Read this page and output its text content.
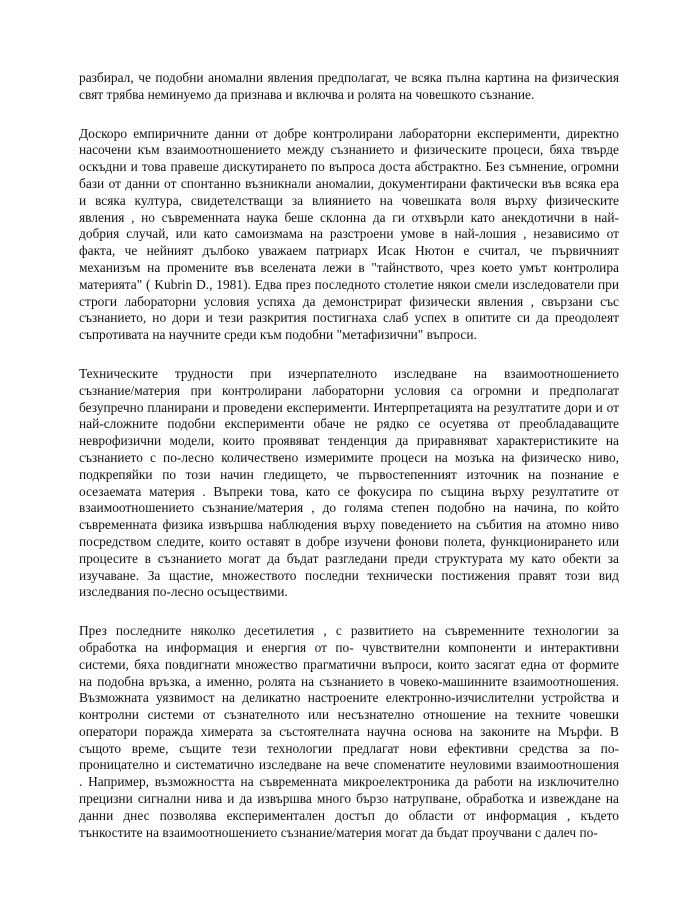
разбирал, че подобни аномални явления предполагат, че всяка пълна картина на физическия
свят трябва неминуемо да признава и включва и ролята на човешкото съзнание.
Доскоро емпиричните данни от добре контролирани лабораторни експерименти, директно
насочени към взаимоотношението между съзнанието и физическите процеси, бяха твърде
оскъдни и това правеше дискутирането по въпроса доста абстрактно. Без съмнение, огромни
бази от данни от спонтанно възникнали аномалии, документирани фактически във всяка ера
и всяка култура, свидетелстващи за влиянието на човешката воля върху физическите
явления , но съвременната наука беше склонна да ги отхвърли като анекдотични в най-
добрия случай, или като самоизмама на разстроени умове в най-лошия , независимо от
факта, че нейният дълбоко уважаем патриарх Исак Нютон е считал, че първичният
механизъм на промените във вселената лежи в "тайнството, чрез което умът контролира
материята" ( Kubrin D., 1981). Едва през последното столетие някои смели изследователи при
строги лабораторни условия успяха да демонстрират физически явления , свързани със
съзнанието, но дори и тези разкрития постигнаха слаб успех в опитите си да преодолеят
съпротивата на научните среди към подобни "метафизични" въпроси.
Техническите трудности при изчерпателното изследване на взаимоотношението
съзнание/материя при контролирани лабораторни условия са огромни и предполагат
безупречно планирани и проведени експерименти. Интерпретацията на резултатите дори и от
най-сложните подобни експерименти обаче не рядко се осуетява от преобладаващите
неврофизични модели, които проявяват тенденция да приравняват характеристиките на
съзнанието с по-лесно количествено измеримите процеси на мозъка на физическо ниво,
подкрепяйки по този начин гледището, че първостепенният източник на познание е
осезаемата материя . Въпреки това, като се фокусира по същина върху резултатите от
взаимоотношението съзнание/материя , до голяма степен подобно на начина, по който
съвременната физика извършва наблюдения върху поведението на събития на атомно ниво
посредством следите, които оставят в добре изучени фонови полета, функционирането или
процесите в съзнанието могат да бъдат разгледани преди структурата му като обекти за
изучаване. За щастие, множеството последни технически постижения правят този вид
изследвания по-лесно осъществими.
През последните няколко десетилетия , с развитието на съвременните технологии за
обработка на информация и енергия от по- чувствителни компоненти и интерактивни
системи, бяха повдигнати множество прагматични въпроси, които засягат една от формите
на подобна връзка, а именно, ролята на съзнанието в човеко-машинните взаимоотношения.
Възможната уязвимост на деликатно настроените електронно-изчислителни устройства и
контролни системи от съзнателното или несъзнателно отношение на техните човешки
оператори поражда химерата за състоятелната научна основа на законите на Мърфи. В
същото време, същите тези технологии предлагат нови ефективни средства за по-
проницателно и систематично изследване на вече споменатите неуловими взаимоотношения
. Например, възможността на съвременната микроелектроника да работи на изключително
прецизни сигнални нива и да извършва много бързо натрупване, обработка и извеждане на
данни днес позволява експериментален достъп до области от информация , където
тънкостите на взаимоотношението съзнание/материя могат да бъдат проучвани с далеч по-
